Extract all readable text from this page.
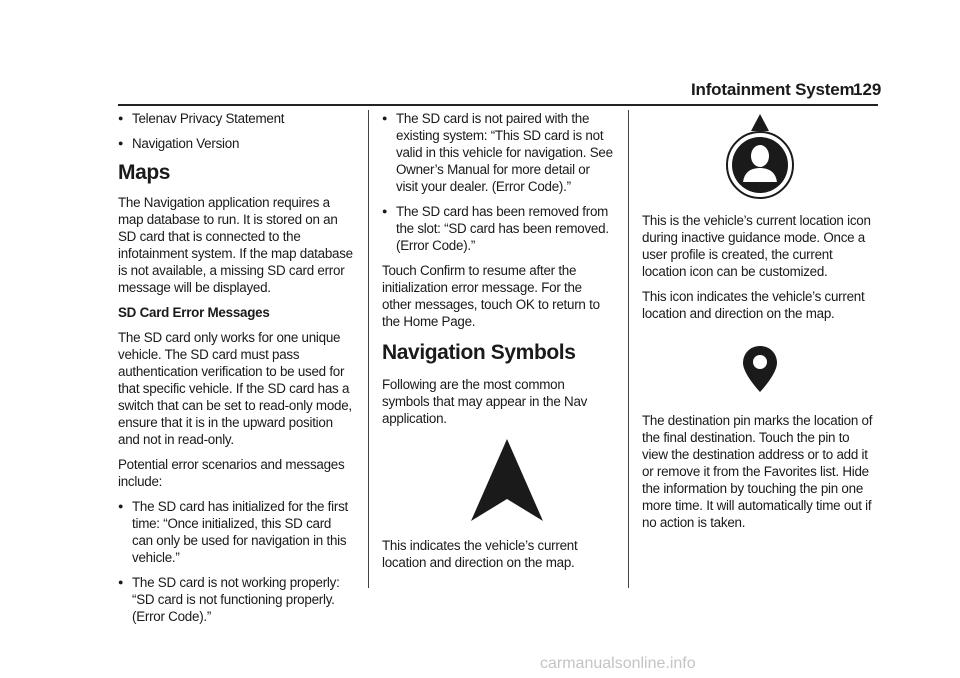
Infotainment System
129
● Telenav Privacy Statement
● Navigation Version
Maps

The Navigation application requires a map database to run. It is stored on an SD card that is connected to the infotainment system. If the map database is not available, a missing SD card error message will be displayed.

SD Card Error Messages

The SD card only works for one unique vehicle. The SD card must pass authentication verification to be used for that specific vehicle. If the SD card has a switch that can be set to read-only mode, ensure that it is in the upward position and not in read-only.

Potential error scenarios and messages include:

● The SD card has initialized for the first time: “Once initialized, this SD card can only be used for navigation in this vehicle.”
● The SD card is not working properly: “SD card is not functioning properly. (Error Code).”
● The SD card is not paired with the existing system: “This SD card is not valid in this vehicle for navigation. See Owner’s Manual for more detail or visit your dealer. (Error Code).”
● The SD card has been removed from the slot: “SD card has been removed. (Error Code).”

Touch Confirm to resume after the initialization error message. For the other messages, touch OK to return to the Home Page.

Navigation Symbols

Following are the most common symbols that may appear in the Nav application.

This indicates the vehicle’s current location and direction on the map.

This is the vehicle’s current location icon during inactive guidance mode. Once a user profile is created, the current location icon can be customized.

This icon indicates the vehicle’s current location and direction on the map.

The destination pin marks the location of the final destination. Touch the pin to view the destination address or to add it or remove it from the Favorites list. Hide the information by touching the pin one more time. It will automatically time out if no action is taken.

carmanualsonline.info
